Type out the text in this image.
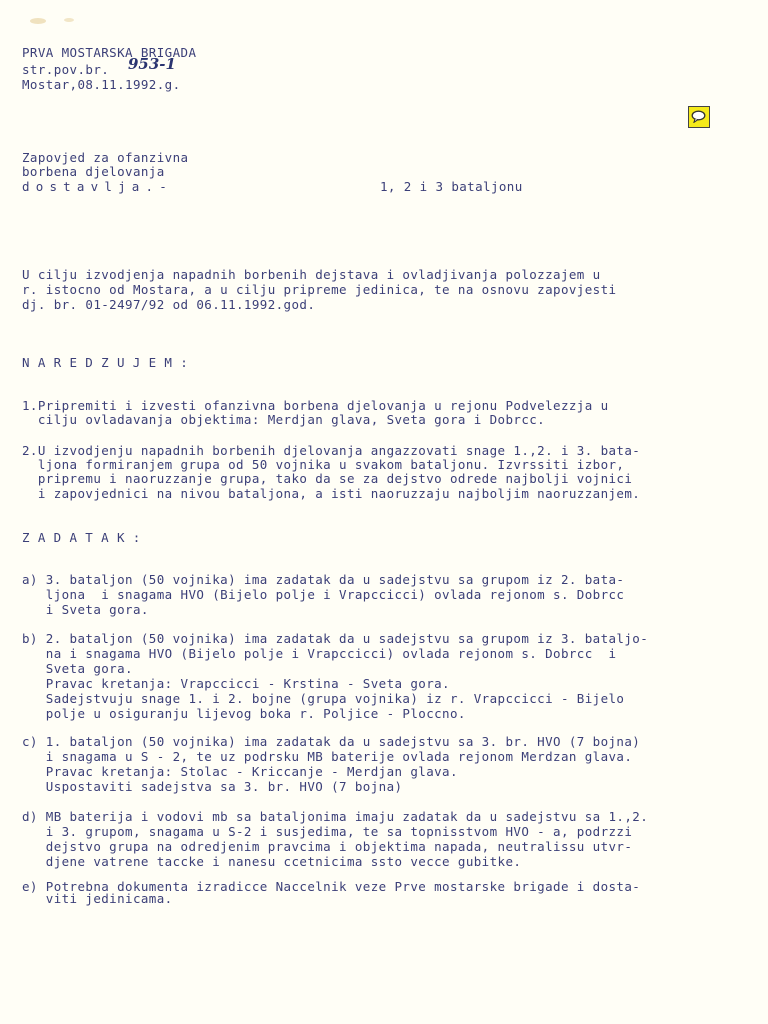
PRVA MOSTARSKA BRIGADA
str.pov.br. 953-1
Mostar,08.11.1992.g.
Zapovjed za ofanzivna
borbena djelovanja
dostavlja.-	1, 2 i 3 bataljonu
U cilju izvodjenja napadnih borbenih dejstava i ovladjivanja polozzajem u
r. istocno od Mostara, a u cilju pripreme jedinica, te na osnovu zapovjesti
dj. br. 01-2497/92 od 06.11.1992.god.
NAREDZUJEM:
1.Pripremiti i izvesti ofanzivna borbena djelovanja u rejonu Podvelezzja u
cilju ovladavanja objektima: Merdjan glava, Sveta gora i Dobrcc.
2.U izvodjenju napadnih borbenih djelovanja angazzovati snage 1.,2. i 3. bata-
ljona formiranjem grupa od 50 vojnika u svakom bataljonu. Izvrssiti izbor,
pripremu i naoruzzanje grupa, tako da se za dejstvo odrede najbolji vojnici
i zapovjednici na nivou bataljona, a isti naoruzzaju najboljim naoruzzanjem.
ZADATAK:
a) 3. bataljon (50 vojnika) ima zadatak da u sadejstvu sa grupom iz 2. bata-
ljona  i snagama HVO (Bijelo polje i Vrapccicci) ovlada rejonom s. Dobrcc
i Sveta gora.
b) 2. bataljon (50 vojnika) ima zadatak da u sadejstvu sa grupom iz 3. bataljo-
na i snagama HVO (Bijelo polje i Vrapccicci) ovlada rejonom s. Dobrcc  i
Sveta gora.
Pravac kretanja: Vrapccicci - Krstina - Sveta gora.
Sadejstvuju snage 1. i 2. bojne (grupa vojnika) iz r. Vrapccicci - Bijelo
polje u osiguranju lijevog boka r. Poljice - Ploccno.
c) 1. bataljon (50 vojnika) ima zadatak da u sadejstvu sa 3. br. HVO (7 bojna)
i snagama u S - 2, te uz podrsku MB baterije ovlada rejonom Merdzan glava.
Pravac kretanja: Stolac - Kriccanje - Merdjan glava.
Uspostaviti sadejstva sa 3. br. HVO (7 bojna)
d) MB baterija i vodovi mb sa bataljonima imaju zadatak da u sadejstvu sa 1.,2.
i 3. grupom, snagama u S-2 i susjedima, te sa topnisstvom HVO - a, podrzzi
dejstvo grupa na odredjenim pravcima i objektima napada, neutralissu utvr-
djene vatrene taccke i nanesu ccetnicima ssto vecce gubitke.
e) Potrebna dokumenta izradicce Naccelnik veze Prve mostarske brigade i dosta-
viti jedinicama.
